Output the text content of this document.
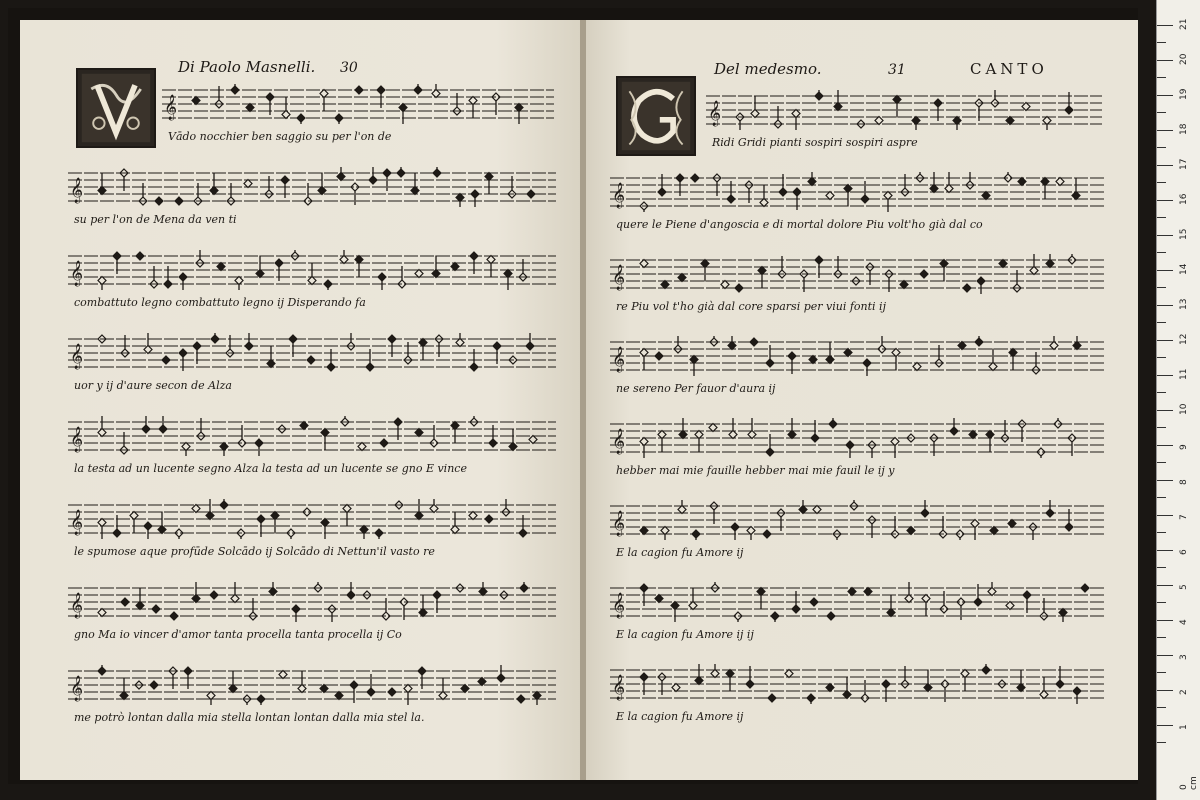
Di Paolo Masnelli. 30
𝄞
Vādo nocchier ben saggio su per l'on de
𝄞
su per l'on de Mena da ven ti
𝄞
combattuto legno combattuto legno ij Disperando fa
𝄞
uor y ij d'aure secon de Alza
𝄞
la testa ad un lucente segno Alza la testa ad un lucente se gno E vince
𝄞
le spumose aque profūde Solcādo ij Solcādo di Nettun'il vasto re
𝄞
gno Ma io vincer d'amor tanta procella tanta procella ij Co
𝄞
me potrò lontan dalla mia stella lontan lontan dalla mia stel la.
Del medesmo.	31	CANTO
𝄞
Ridi Gridi pianti sospiri sospiri aspre
𝄞
quere le Piene d'angoscia e di mortal dolore Piu volt'ho già dal co
𝄞
re Piu vol t'ho già dal core sparsi per viui fonti ij
𝄞
ne sereno Per fauor d'aura ij
𝄞
hebber mai mie fauille hebber mai mie fauil le ij y
𝄞
E la cagion fu Amore ij
𝄞
E la cagion fu Amore ij ij
𝄞
E la cagion fu Amore ij
0 cm
1
2
3
4
5
6
7
8
9
10
11
12
13
14
15
16
17
18
19
20
21
